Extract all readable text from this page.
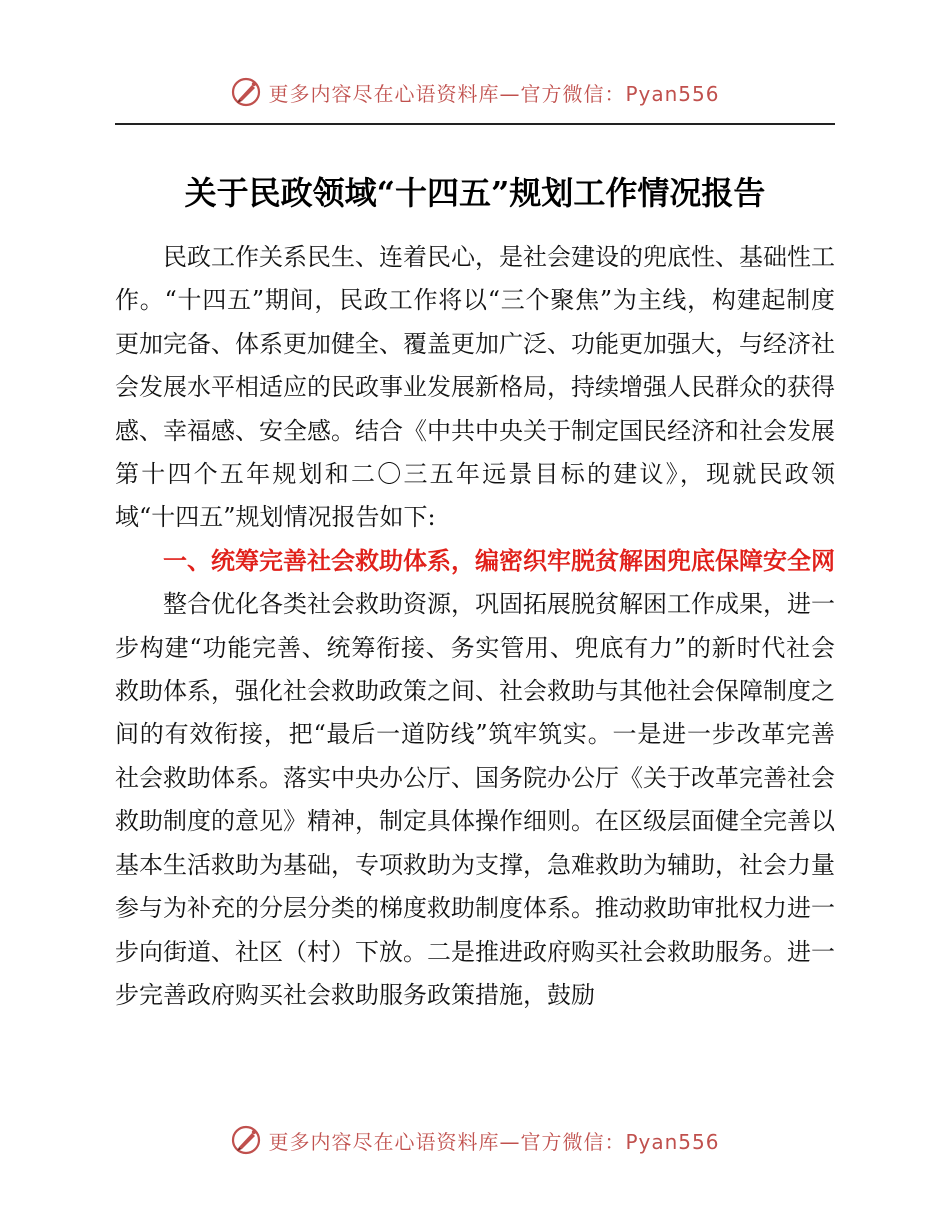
更多内容尽在心语资料库—官方微信：Pyan556
关于民政领域“十四五”规划工作情况报告

民政工作关系民生、连着民心，是社会建设的兜底性、基础性工作。“十四五”期间，民政工作将以“三个聚焦”为主线，构建起制度更加完备、体系更加健全、覆盖更加广泛、功能更加强大，与经济社会发展水平相适应的民政事业发展新格局，持续增强人民群众的获得感、幸福感、安全感。结合《中共中央关于制定国民经济和社会发展第十四个五年规划和二〇三五年远景目标的建议》，现就民政领域“十四五”规划情况报告如下:

一、统筹完善社会救助体系，编密织牢脱贫解困兜底保障安全网

整合优化各类社会救助资源，巩固拓展脱贫解困工作成果，进一步构建“功能完善、统筹衔接、务实管用、兜底有力”的新时代社会救助体系，强化社会救助政策之间、社会救助与其他社会保障制度之间的有效衔接，把“最后一道防线”筑牢筑实。一是进一步改革完善社会救助体系。落实中央办公厅、国务院办公厅《关于改革完善社会救助制度的意见》精神，制定具体操作细则。在区级层面健全完善以基本生活救助为基础，专项救助为支撑，急难救助为辅助，社会力量参与为补充的分层分类的梯度救助制度体系。推动救助审批权力进一步向街道、社区（村）下放。二是推进政府购买社会救助服务。进一步完善政府购买社会救助服务政策措施，鼓励

更多内容尽在心语资料库—官方微信：Pyan556
